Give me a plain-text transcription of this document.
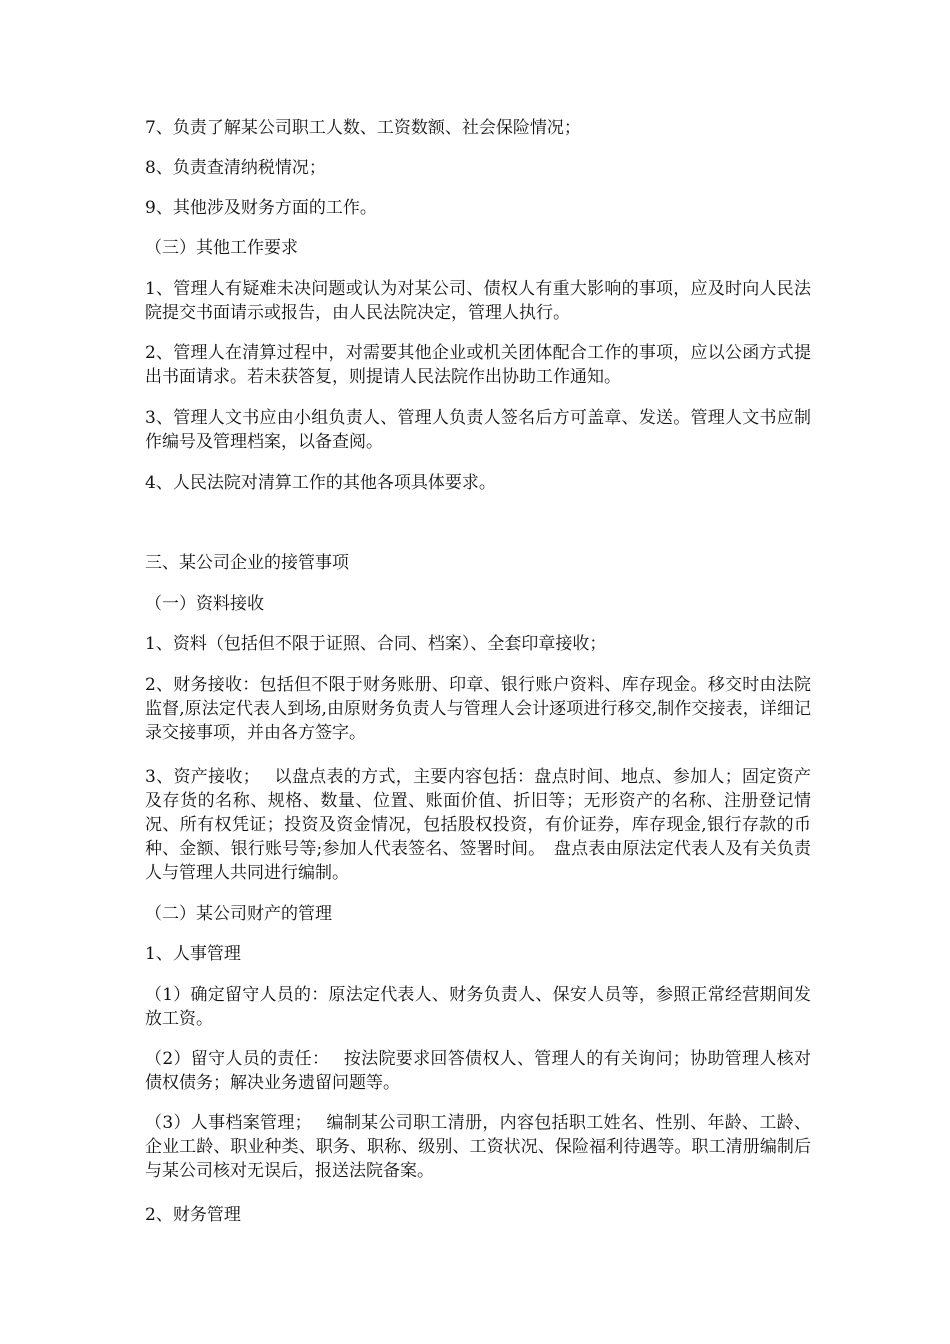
7、负责了解某公司职工人数、工资数额、社会保险情况；

8、负责查清纳税情况；

9、其他涉及财务方面的工作。

（三）其他工作要求

1、管理人有疑难未决问题或认为对某公司、债权人有重大影响的事项，应及时向人民法院提交书面请示或报告，由人民法院决定，管理人执行。

2、管理人在清算过程中，对需要其他企业或机关团体配合工作的事项，应以公函方式提出书面请求。若未获答复，则提请人民法院作出协助工作通知。

3、管理人文书应由小组负责人、管理人负责人签名后方可盖章、发送。管理人文书应制作编号及管理档案，以备查阅。

4、人民法院对清算工作的其他各项具体要求。

三、某公司企业的接管事项

（一）资料接收

1、资料（包括但不限于证照、合同、档案）、全套印章接收；

2、财务接收：包括但不限于财务账册、印章、银行账户资料、库存现金。移交时由法院监督,原法定代表人到场,由原财务负责人与管理人会计逐项进行移交,制作交接表，详细记录交接事项，并由各方签字。

3、资产接收；　 以盘点表的方式，主要内容包括：盘点时间、地点、参加人；固定资产及存货的名称、规格、数量、位置、账面价值、折旧等；无形资产的名称、注册登记情况、所有权凭证；投资及资金情况，包括股权投资，有价证券，库存现金,银行存款的币种、金额、银行账号等;参加人代表签名、签署时间。　盘点表由原法定代表人及有关负责人与管理人共同进行编制。

（二）某公司财产的管理

1、人事管理

（1）确定留守人员的：原法定代表人、财务负责人、保安人员等，参照正常经营期间发放工资。

（2）留守人员的责任：　 按法院要求回答债权人、管理人的有关询问；协助管理人核对债权债务；解决业务遗留问题等。

（3）人事档案管理；　 编制某公司职工清册，内容包括职工姓名、性别、年龄、工龄、企业工龄、职业种类、职务、职称、级别、工资状况、保险福利待遇等。职工清册编制后与某公司核对无误后，报送法院备案。

2、财务管理
